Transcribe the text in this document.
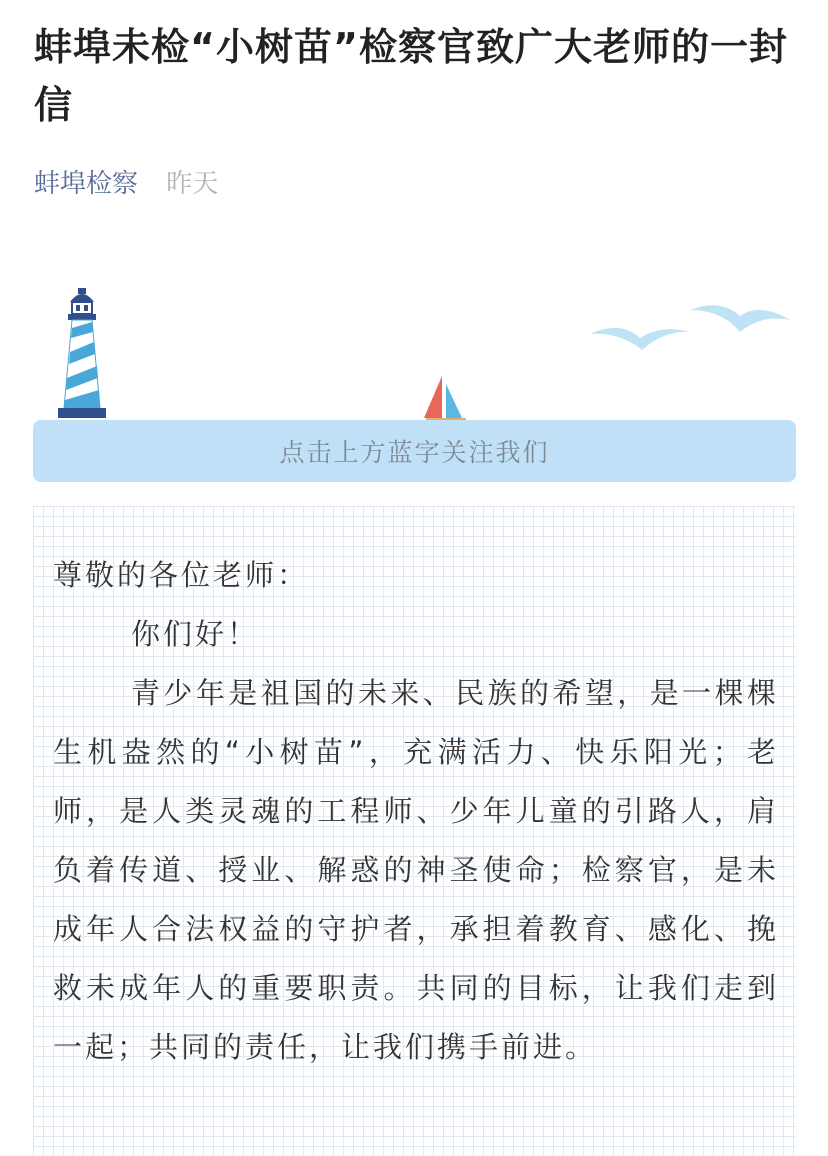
蚌埠未检“小树苗”检察官致广大老师的一封信
蚌埠检察 昨天
点击上方蓝字关注我们

尊敬的各位老师：

你们好！

青少年是祖国的未来、民族的希望，是一棵棵生机盎然的“小树苗”，充满活力、快乐阳光；老师，是人类灵魂的工程师、少年儿童的引路人，肩负着传道、授业、解惑的神圣使命；检察官，是未成年人合法权益的守护者，承担着教育、感化、挽救未成年人的重要职责。共同的目标，让我们走到一起；共同的责任，让我们携手前进。
